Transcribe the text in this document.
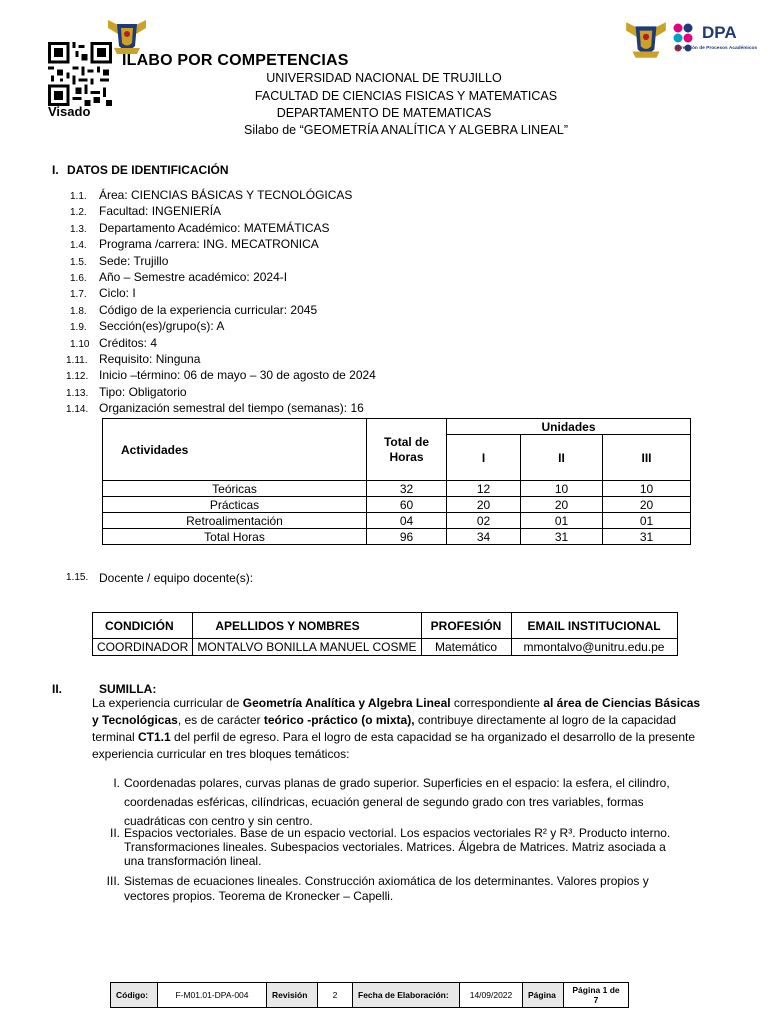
Visado
ILABO POR COMPETENCIAS
DPA
Dirección de Procesos Académicos
UNIVERSIDAD NACIONAL DE TRUJILLO
FACULTAD DE CIENCIAS FISICAS Y MATEMATICAS
DEPARTAMENTO DE MATEMATICAS
Silabo de “GEOMETRÍA ANALÍTICA Y ALGEBRA LINEAL”
I. DATOS DE IDENTIFICACIÓN
1.1.	Área: CIENCIAS BÁSICAS Y TECNOLÓGICAS
1.2.	Facultad: INGENIERÍA
1.3.	Departamento Académico: MATEMÁTICAS
1.4.	Programa /carrera: ING. MECATRONICA
1.5.	Sede: Trujillo
1.6.	Año – Semestre académico: 2024-I
1.7.	Ciclo: I
1.8.	Código de la experiencia curricular: 2045
1.9.	Sección(es)/grupo(s): A
1.10 Créditos: 4
1.11. Requisito: Ninguna
1.12. Inicio –término: 06 de mayo – 30 de agosto de 2024
1.13. Tipo: Obligatorio
1.14. Organización semestral del tiempo (semanas): 16
Actividades	Total de Horas	Unidades		
		I	II	III
Teóricas	32	12	10	10
Prácticas	60	20	20	20
Retroalimentación	04	02	01	01
Total Horas	96	34	31	31
1.15. Docente / equipo docente(s):
CONDICIÓN	APELLIDOS Y NOMBRES	PROFESIÓN	EMAIL INSTITUCIONAL
COORDINADOR	MONTALVO BONILLA MANUEL COSME	Matemático	mmontalvo@unitru.edu.pe
II.	SUMILLA:
La experiencia curricular de Geometría Analítica y Algebra Lineal correspondiente al área de Ciencias Básicas y Tecnológicas, es de carácter teórico -práctico (o mixta), contribuye directamente al logro de la capacidad terminal CT1.1 del perfil de egreso. Para el logro de esta capacidad se ha organizado el desarrollo de la presente experiencia curricular en tres bloques temáticos:
I. Coordenadas polares, curvas planas de grado superior. Superficies en el espacio: la esfera, el cilindro, coordenadas esféricas, cilíndricas, ecuación general de segundo grado con tres variables, formas cuadráticas con centro y sin centro.
II. Espacios vectoriales. Base de un espacio vectorial. Los espacios vectoriales R² y R³. Producto interno. Transformaciones lineales. Subespacios vectoriales. Matrices. Álgebra de Matrices. Matriz asociada a una transformación lineal.
III. Sistemas de ecuaciones lineales. Construcción axiomática de los determinantes. Valores propios y vectores propios. Teorema de Kronecker – Capelli.
Código:	F-M01.01-DPA-004	Revisión	2	Fecha de Elaboración:	14/09/2022	Página	Página 1 de 7
